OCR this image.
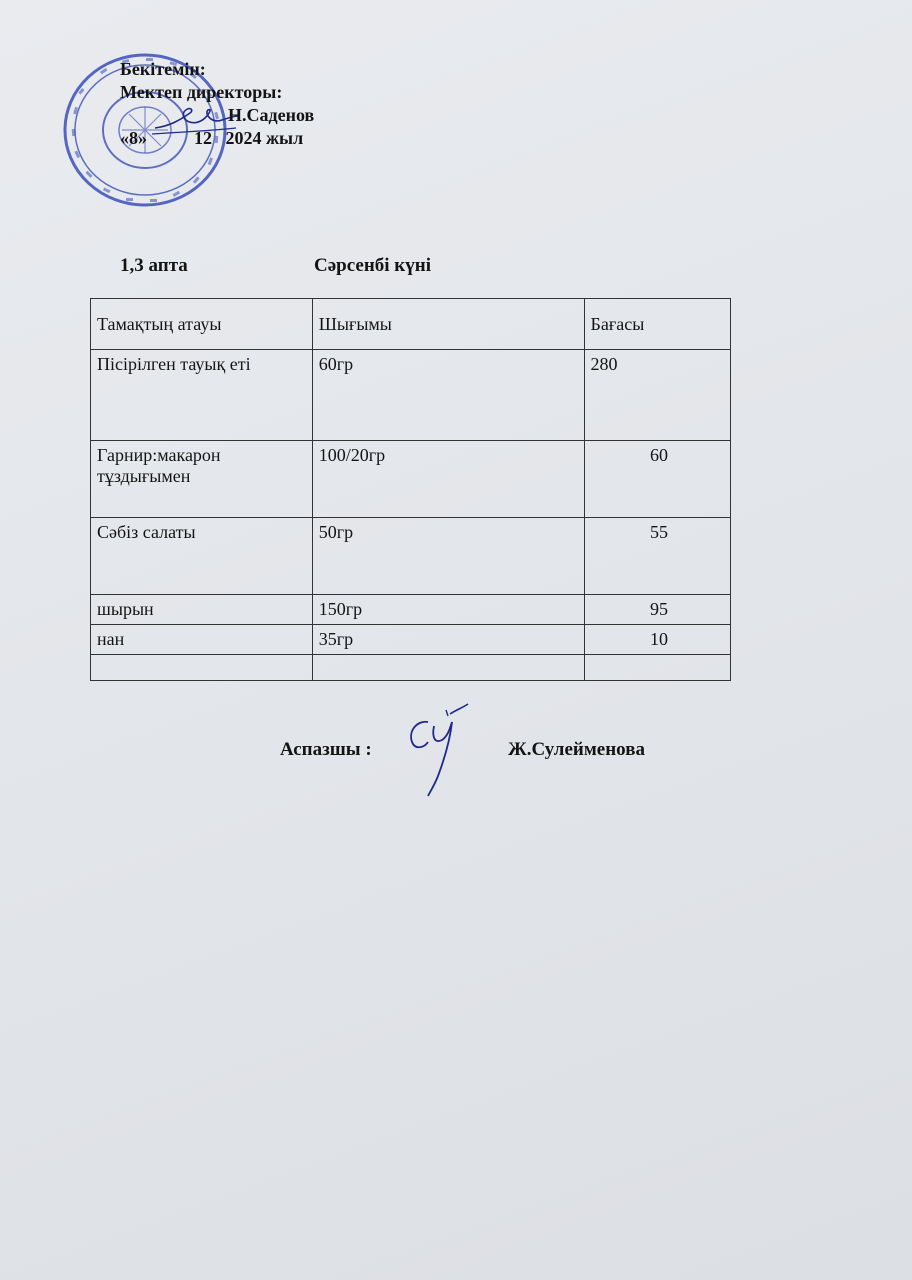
Бекітемін:
Мектеп директоры:
Н.Саденов
«8»	12 2024 жыл
1,3 апта	Сәрсенбі күні
Тамақтың атауы	Шығымы	Бағасы
Пісірілген тауық еті	60гр	280
Гарнир:макарон тұздығымен	100/20гр	60
Сәбіз салаты	50гр	55
шырын	150гр	95
нан	35гр	10

Аспазшы :	Ж.Сулейменова
